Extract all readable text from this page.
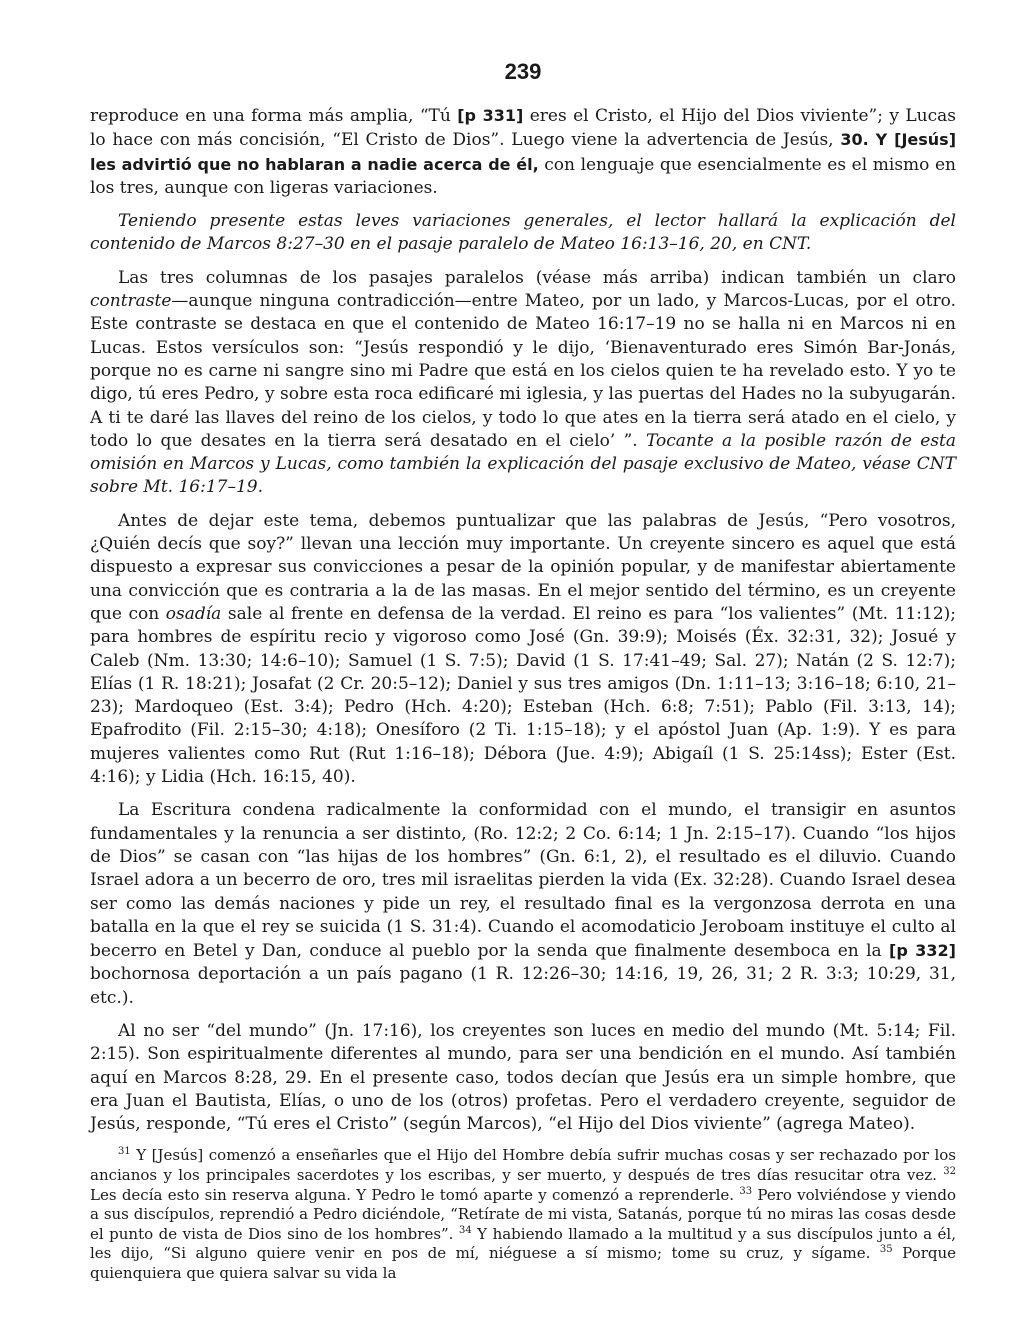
239

reproduce en una forma más amplia, “Tú [p 331] eres el Cristo, el Hijo del Dios viviente”; y Lucas lo hace con más concisión, “El Cristo de Dios”. Luego viene la advertencia de Jesús, 30. Y [Jesús] les advirtió que no hablaran a nadie acerca de él, con lenguaje que esencialmente es el mismo en los tres, aunque con ligeras variaciones.

Teniendo presente estas leves variaciones generales, el lector hallará la explicación del contenido de Marcos 8:27–30 en el pasaje paralelo de Mateo 16:13–16, 20, en CNT.

Las tres columnas de los pasajes paralelos (véase más arriba) indican también un claro contraste—aunque ninguna contradicción—entre Mateo, por un lado, y Marcos-Lucas, por el otro. Este contraste se destaca en que el contenido de Mateo 16:17–19 no se halla ni en Marcos ni en Lucas. Estos versículos son: “Jesús respondió y le dijo, ‘Bienaventurado eres Simón Bar-Jonás, porque no es carne ni sangre sino mi Padre que está en los cielos quien te ha revelado esto. Y yo te digo, tú eres Pedro, y sobre esta roca edificaré mi iglesia, y las puertas del Hades no la subyugarán. A ti te daré las llaves del reino de los cielos, y todo lo que ates en la tierra será atado en el cielo, y todo lo que desates en la tierra será desatado en el cielo’ ”. Tocante a la posible razón de esta omisión en Marcos y Lucas, como también la explicación del pasaje exclusivo de Mateo, véase CNT sobre Mt. 16:17–19.

Antes de dejar este tema, debemos puntualizar que las palabras de Jesús, “Pero vosotros, ¿Quién decís que soy?” llevan una lección muy importante. Un creyente sincero es aquel que está dispuesto a expresar sus convicciones a pesar de la opinión popular, y de manifestar abiertamente una convicción que es contraria a la de las masas. En el mejor sentido del término, es un creyente que con osadía sale al frente en defensa de la verdad. El reino es para “los valientes” (Mt. 11:12); para hombres de espíritu recio y vigoroso como José (Gn. 39:9); Moisés (Éx. 32:31, 32); Josué y Caleb (Nm. 13:30; 14:6–10); Samuel (1 S. 7:5); David (1 S. 17:41–49; Sal. 27); Natán (2 S. 12:7); Elías (1 R. 18:21); Josafat (2 Cr. 20:5–12); Daniel y sus tres amigos (Dn. 1:11–13; 3:16–18; 6:10, 21–23); Mardoqueo (Est. 3:4); Pedro (Hch. 4:20); Esteban (Hch. 6:8; 7:51); Pablo (Fil. 3:13, 14); Epafrodito (Fil. 2:15–30; 4:18); Onesíforo (2 Ti. 1:15–18); y el apóstol Juan (Ap. 1:9). Y es para mujeres valientes como Rut (Rut 1:16–18); Débora (Jue. 4:9); Abigaíl (1 S. 25:14ss); Ester (Est. 4:16); y Lidia (Hch. 16:15, 40).

La Escritura condena radicalmente la conformidad con el mundo, el transigir en asuntos fundamentales y la renuncia a ser distinto, (Ro. 12:2; 2 Co. 6:14; 1 Jn. 2:15–17). Cuando “los hijos de Dios” se casan con “las hijas de los hombres” (Gn. 6:1, 2), el resultado es el diluvio. Cuando Israel adora a un becerro de oro, tres mil israelitas pierden la vida (Ex. 32:28). Cuando Israel desea ser como las demás naciones y pide un rey, el resultado final es la vergonzosa derrota en una batalla en la que el rey se suicida (1 S. 31:4). Cuando el acomodaticio Jeroboam instituye el culto al becerro en Betel y Dan, conduce al pueblo por la senda que finalmente desemboca en la [p 332] bochornosa deportación a un país pagano (1 R. 12:26–30; 14:16, 19, 26, 31; 2 R. 3:3; 10:29, 31, etc.).

Al no ser “del mundo” (Jn. 17:16), los creyentes son luces en medio del mundo (Mt. 5:14; Fil. 2:15). Son espiritualmente diferentes al mundo, para ser una bendición en el mundo. Así también aquí en Marcos 8:28, 29. En el presente caso, todos decían que Jesús era un simple hombre, que era Juan el Bautista, Elías, o uno de los (otros) profetas. Pero el verdadero creyente, seguidor de Jesús, responde, “Tú eres el Cristo” (según Marcos), “el Hijo del Dios viviente” (agrega Mateo).

$^{31}$ Y [Jesús] comenzó a enseñarles que el Hijo del Hombre debía sufrir muchas cosas y ser rechazado por los ancianos y los principales sacerdotes y los escribas, y ser muerto, y después de tres días resucitar otra vez. $^{32}$ Les decía esto sin reserva alguna. Y Pedro le tomó aparte y comenzó a reprenderle. $^{33}$ Pero volviéndose y viendo a sus discípulos, reprendió a Pedro diciéndole, “Retírate de mi vista, Satanás, porque tú no miras las cosas desde el punto de vista de Dios sino de los hombres”. $^{34}$ Y habiendo llamado a la multitud y a sus discípulos junto a él, les dijo, “Si alguno quiere venir en pos de mí, niéguese a sí mismo; tome su cruz, y sígame. $^{35}$ Porque quienquiera que quiera salvar su vida la
